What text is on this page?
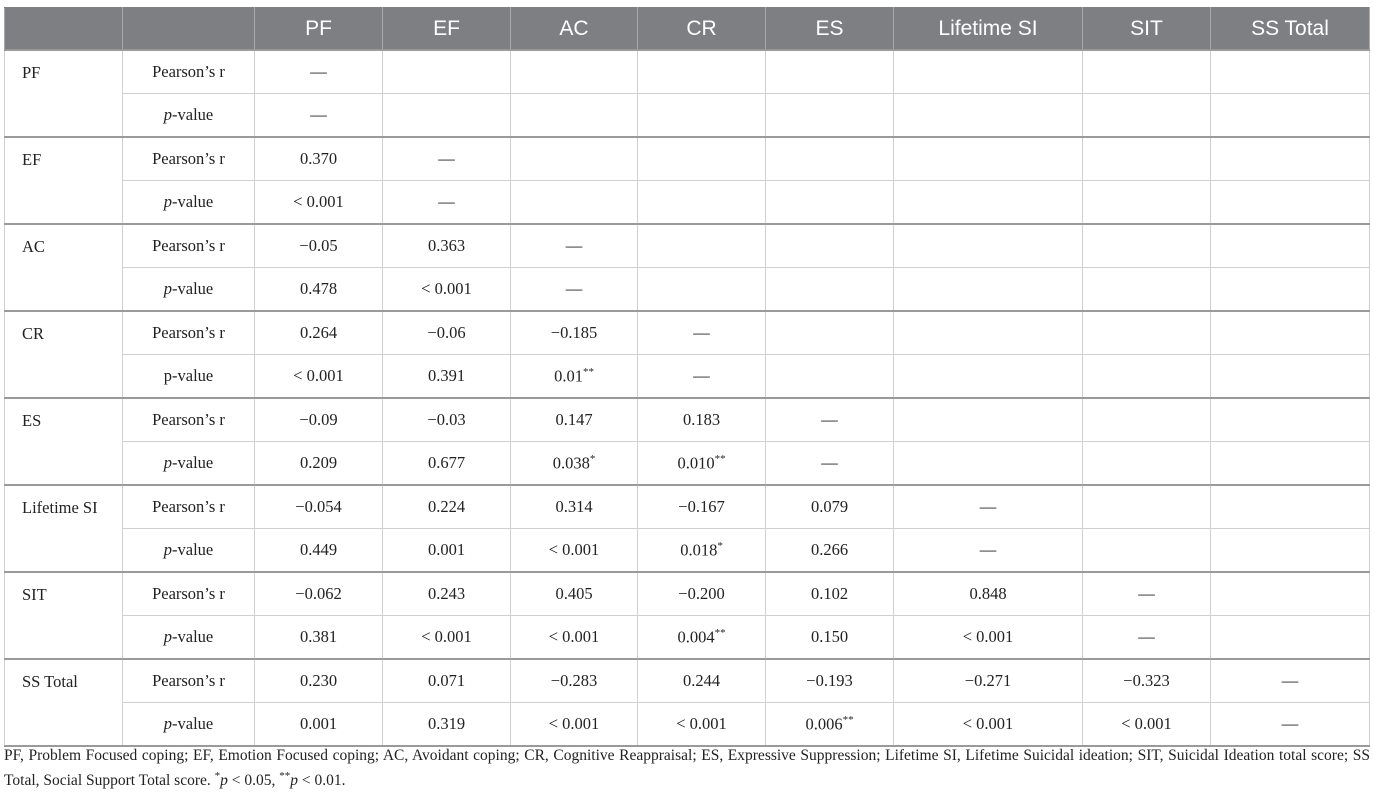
		PF	EF	AC	CR	ES	Lifetime SI	SIT	SS Total
PF	Pearson’s r	—							
	p-value	—							
EF	Pearson’s r	0.370	—						
	p-value	< 0.001	—						
AC	Pearson’s r	−0.05	0.363	—					
	p-value	0.478	< 0.001	—					
CR	Pearson’s r	0.264	−0.06	−0.185	—				
	p-value	< 0.001	0.391	0.01**	—				
ES	Pearson’s r	−0.09	−0.03	0.147	0.183	—			
	p-value	0.209	0.677	0.038*	0.010**	—			
Lifetime SI	Pearson’s r	−0.054	0.224	0.314	−0.167	0.079	—		
	p-value	0.449	0.001	< 0.001	0.018*	0.266	—		
SIT	Pearson’s r	−0.062	0.243	0.405	−0.200	0.102	0.848	—	
	p-value	0.381	< 0.001	< 0.001	0.004**	0.150	< 0.001	—	
SS Total	Pearson’s r	0.230	0.071	−0.283	0.244	−0.193	−0.271	−0.323	—
	p-value	0.001	0.319	< 0.001	< 0.001	0.006**	< 0.001	< 0.001	—
PF, Problem Focused coping; EF, Emotion Focused coping; AC, Avoidant coping; CR, Cognitive Reappraisal; ES, Expressive Suppression; Lifetime SI, Lifetime Suicidal ideation; SIT, Suicidal Ideation total score; SS Total, Social Support Total score. *p < 0.05, **p < 0.01.
